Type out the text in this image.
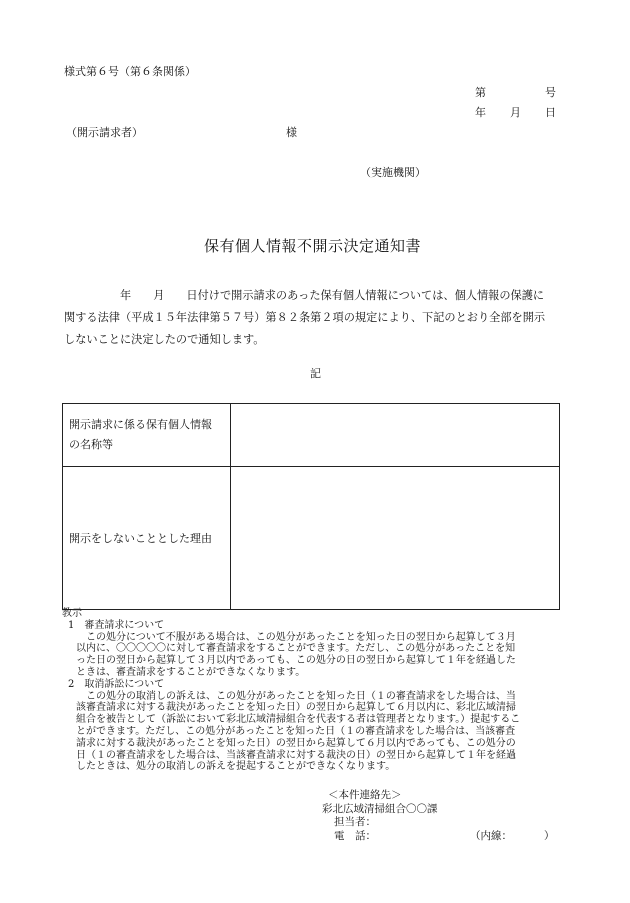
様式第６号（第６条関係）
第	号
年 月 日
（開示請求者）	様
（実施機関）
保有個人情報不開示決定通知書
年 月 日付けで開示請求のあった保有個人情報については、個人情報の保護に
関する法律（平成１５年法律第５７号）第８２条第２項の規定により、下記のとおり全部を開示
しないことに決定したので通知します。
記
開示請求に係る保有個人情報
の名称等	

開示をしないこととした理由	
教示
1　審査請求について
この処分について不服がある場合は、この処分があったことを知った日の翌日から起算して３月
以内に、〇〇〇〇〇に対して審査請求をすることができます。ただし、この処分があったことを知
った日の翌日から起算して３月以内であっても、この処分の日の翌日から起算して１年を経過した
ときは、審査請求をすることができなくなります。
2　取消訴訟について
この処分の取消しの訴えは、この処分があったことを知った日（１の審査請求をした場合は、当
該審査請求に対する裁決があったことを知った日）の翌日から起算して６月以内に、彩北広域清掃
組合を被告として（訴訟において彩北広域清掃組合を代表する者は管理者となります。）提起するこ
とができます。ただし、この処分があったことを知った日（１の審査請求をした場合は、当該審査
請求に対する裁決があったことを知った日）の翌日から起算して６月以内であっても、この処分の
日（１の審査請求をした場合は、当該審査請求に対する裁決の日）の翌日から起算して１年を経過
したときは、処分の取消しの訴えを提起することができなくなります。
＜本件連絡先＞
彩北広域清掃組合〇〇課
担当者：
電　話：	（内線：	）
